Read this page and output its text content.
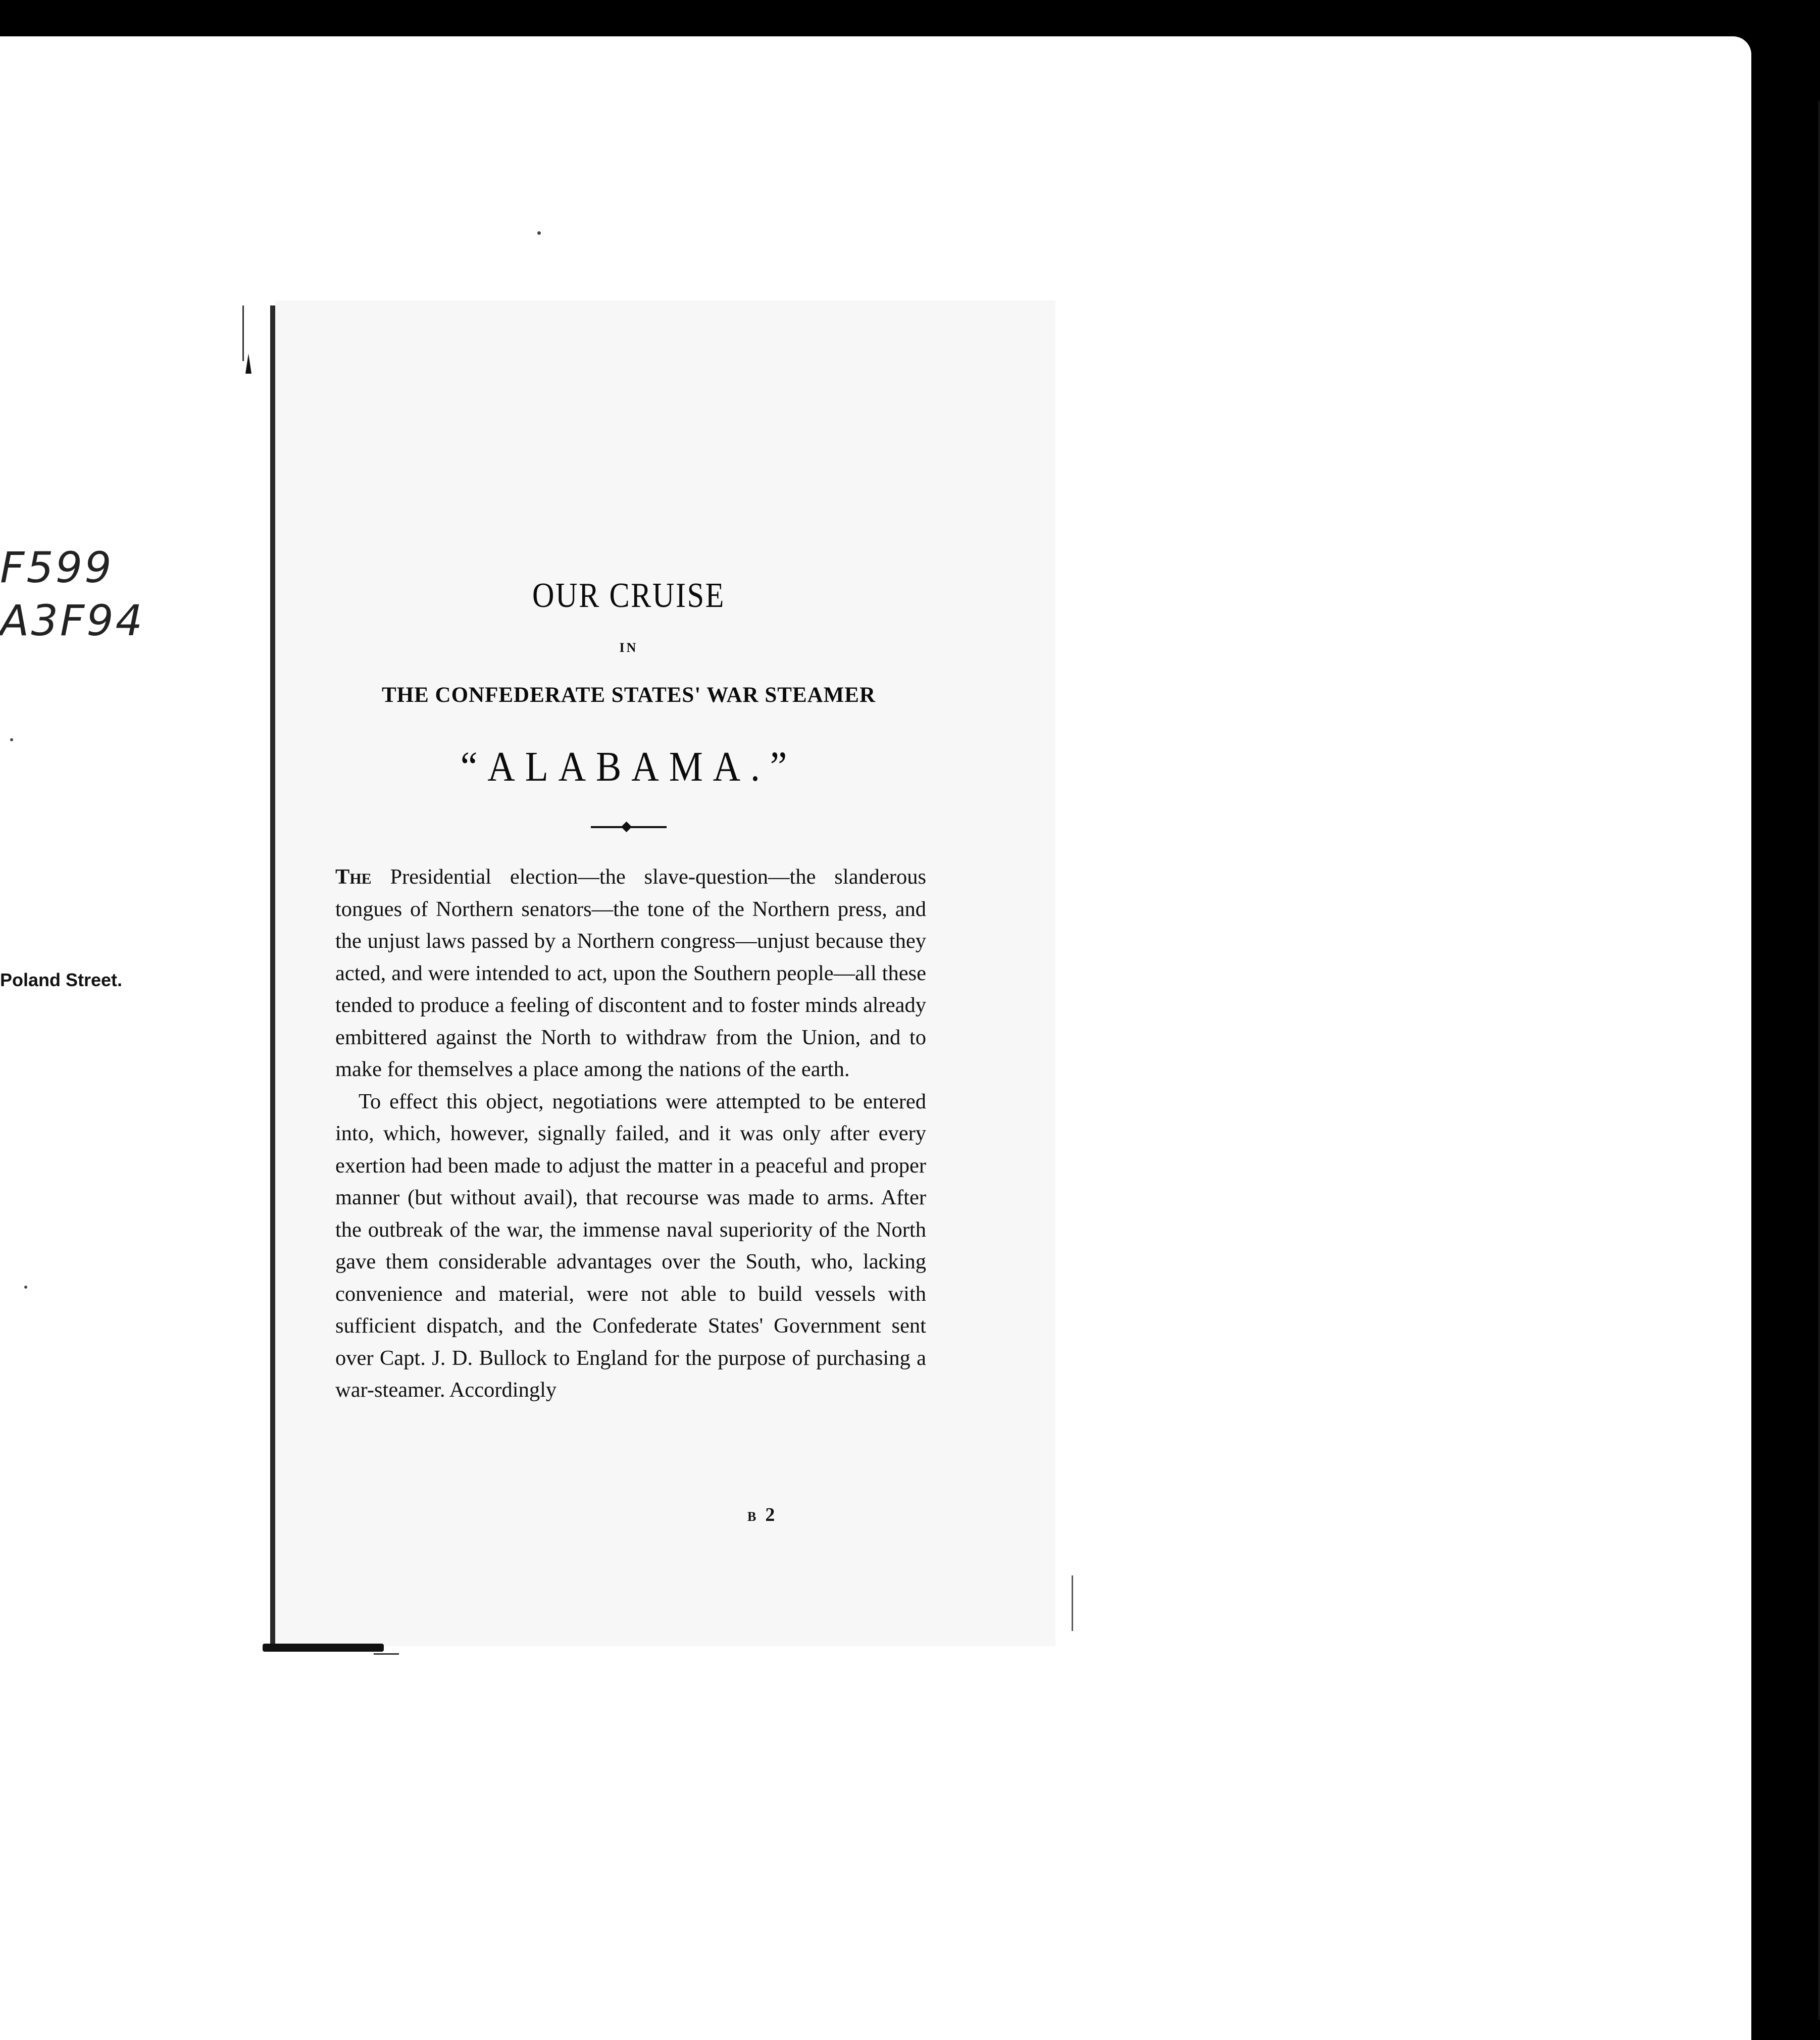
F599
A3F94
Poland Street.
OUR CRUISE
IN
THE CONFEDERATE STATES' WAR STEAMER
“ALABAMA.”

The Presidential election—the slave-question—the slanderous tongues of Northern senators—the tone of the Northern press, and the unjust laws passed by a Northern congress—unjust because they acted, and were intended to act, upon the Southern people—all these tended to produce a feeling of discontent and to foster minds already embittered against the North to withdraw from the Union, and to make for themselves a place among the nations of the earth.

To effect this object, negotiations were attempted to be entered into, which, however, signally failed, and it was only after every exertion had been made to adjust the matter in a peaceful and proper manner (but without avail), that recourse was made to arms. After the outbreak of the war, the immense naval superiority of the North gave them considerable advantages over the South, who, lacking convenience and material, were not able to build vessels with sufficient dispatch, and the Confederate States' Government sent over Capt. J. D. Bullock to England for the purpose of purchasing a war-steamer. Accordingly

B 2
